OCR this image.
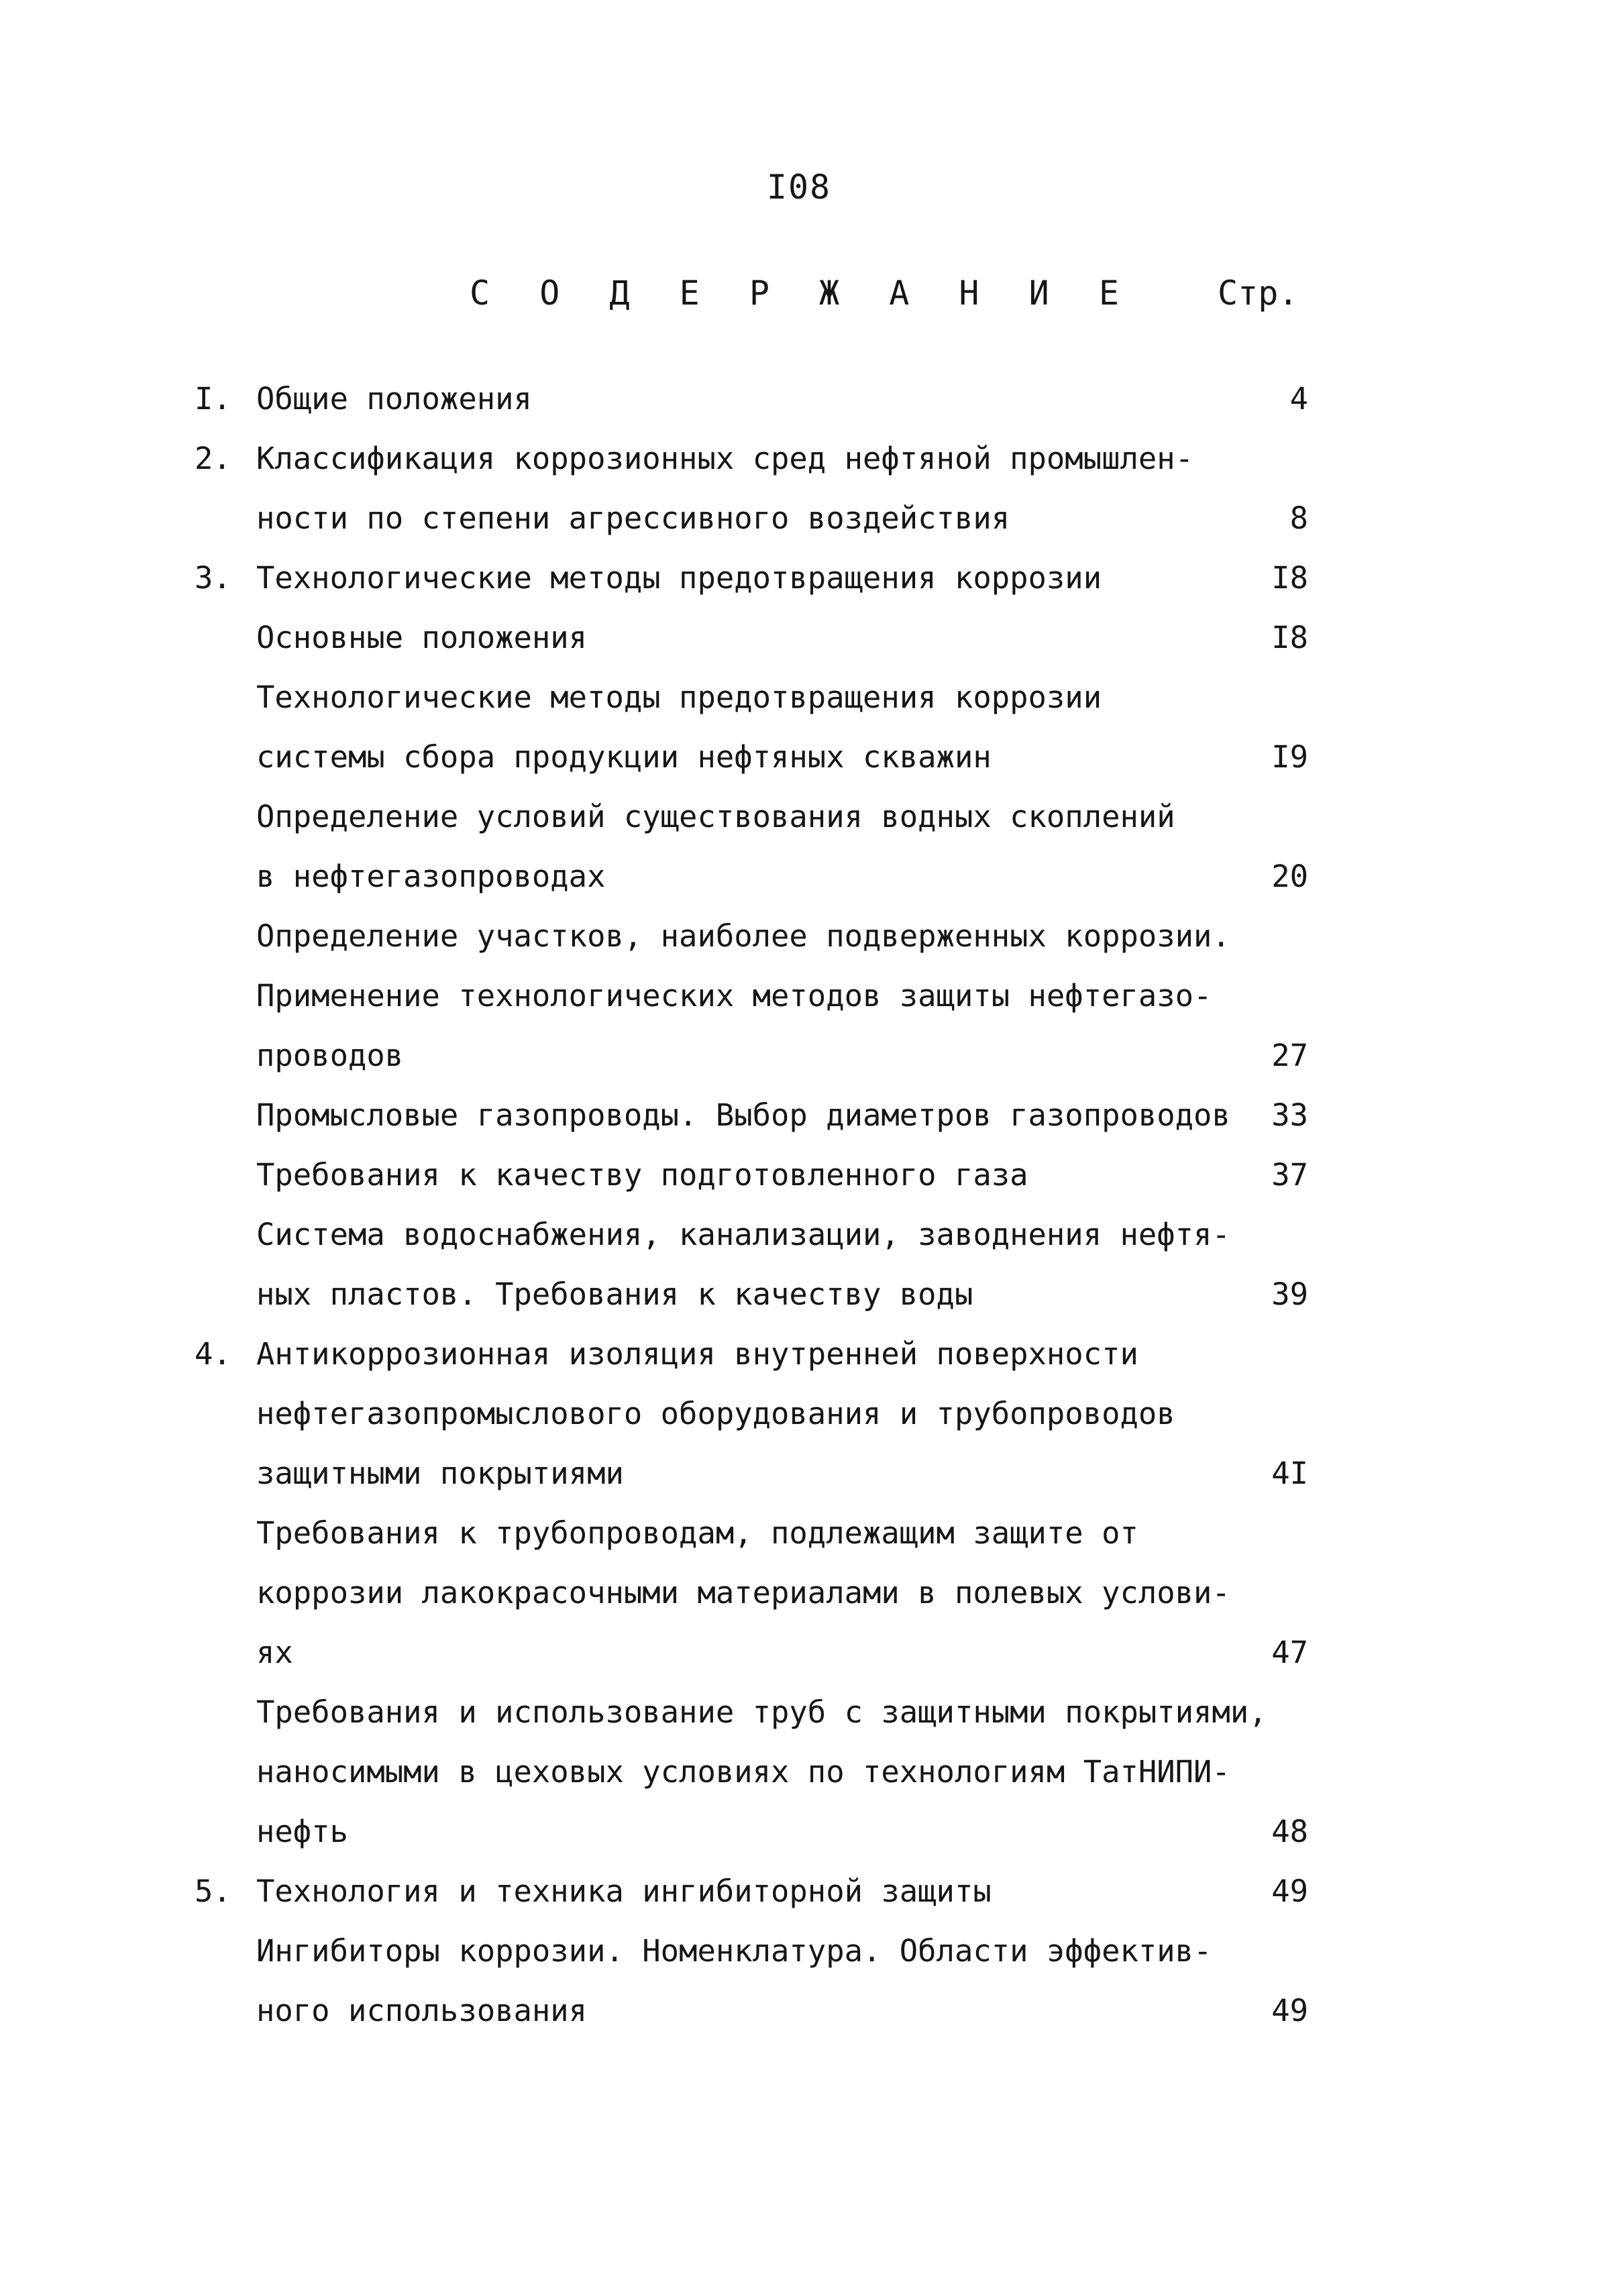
I08
С О Д Е Р Ж А Н И Е	Стр.
I. Общие положения	4
2. Классификация коррозионных сред нефтяной промышлен-
ности по степени агрессивного воздействия	8
3. Технологические методы предотвращения коррозии	I8
Основные положения	I8
Технологические методы предотвращения коррозии
системы сбора продукции нефтяных скважин	I9
Определение условий существования водных скоплений
в нефтегазопроводах	20
Определение участков, наиболее подверженных коррозии.
Применение технологических методов защиты нефтегазо-
проводов	27
Промысловые газопроводы. Выбор диаметров газопроводов 33
Требования к качеству подготовленного газа	37
Система водоснабжения, канализации, заводнения нефтя-
ных пластов. Требования к качеству воды	39
4. Антикоррозионная изоляция внутренней поверхности
нефтегазопромыслового оборудования и трубопроводов
защитными покрытиями	4I
Требования к трубопроводам, подлежащим защите от
коррозии лакокрасочными материалами в полевых услови-
ях	47
Требования и использование труб с защитными покрытиями,
наносимыми в цеховых условиях по технологиям ТатНИПИ-
нефть	48
5. Технология и техника ингибиторной защиты	49
Ингибиторы коррозии. Номенклатура. Области эффектив-
ного использования	49
